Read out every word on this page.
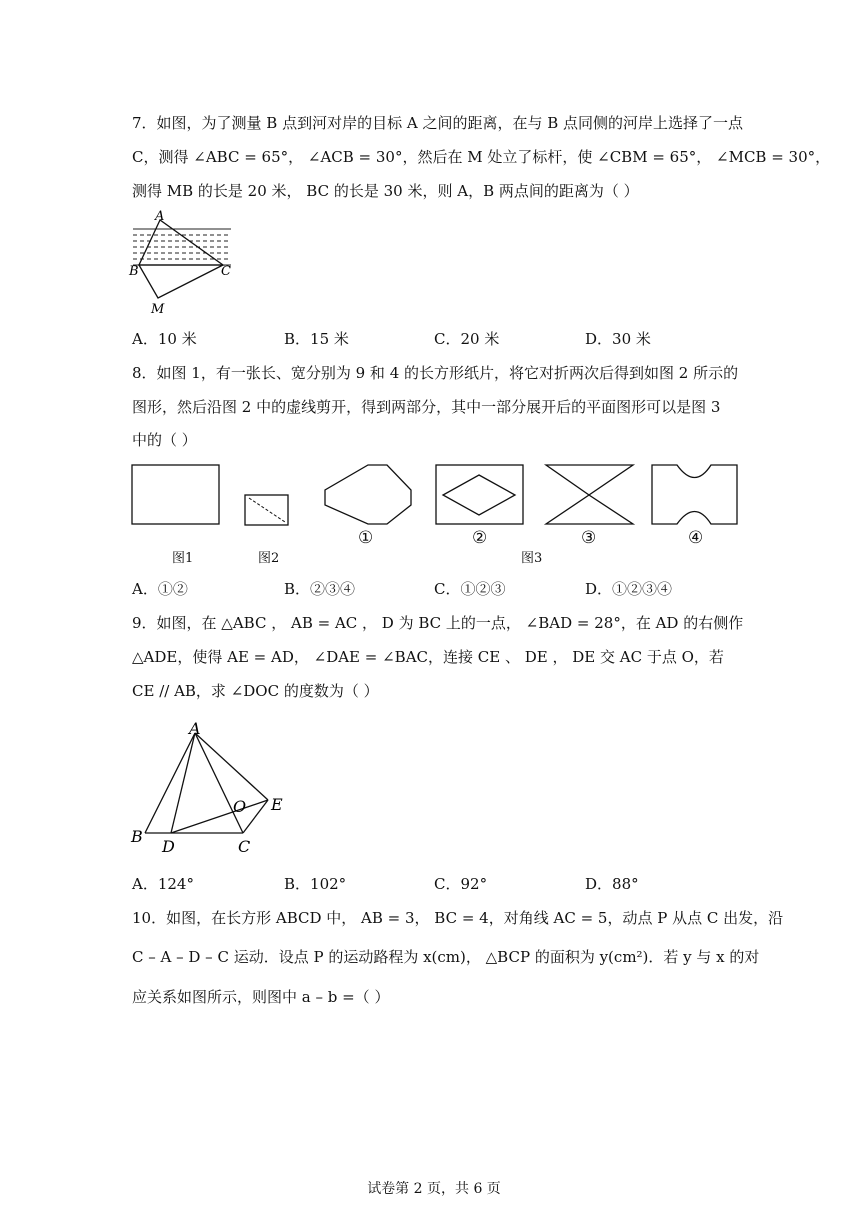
7．如图，为了测量 B 点到河对岸的目标 A 之间的距离，在与 B 点同侧的河岸上选择了一点
C，测得 ∠ABC = 65°， ∠ACB = 30°，然后在 M 处立了标杆，使 ∠CBM = 65°， ∠MCB = 30°，
测得 MB 的长是 20 米， BC 的长是 30 米，则 A，B 两点间的距离为（ ）
A
B	C
M
A．10 米	B．15 米	C．20 米	D．30 米
8．如图 1，有一张长、宽分别为 9 和 4 的长方形纸片，将它对折两次后得到如图 2 所示的
图形，然后沿图 2 中的虚线剪开，得到两部分，其中一部分展开后的平面图形可以是图 3
中的（ ）
图1	图2
①	②	③	④
图3
A．①②	B．②③④	C．①②③	D．①②③④
9．如图，在 △ABC ， AB = AC ， D 为 BC 上的一点， ∠BAD = 28°，在 AD 的右侧作
△ADE，使得 AE = AD， ∠DAE = ∠BAC，连接 CE 、 DE ， DE 交 AC 于点 O，若
CE // AB，求 ∠DOC 的度数为（ ）
A
B
D	C
O E
A．124°	B．102°	C．92°	D．88°
10．如图，在长方形 ABCD 中， AB = 3， BC = 4，对角线 AC = 5，动点 P 从点 C 出发，沿
C – A – D – C 运动．设点 P 的运动路程为 x(cm)， △BCP 的面积为 y(cm²)．若 y 与 x 的对
应关系如图所示，则图中 a – b =（ ）
试卷第 2 页，共 6 页
